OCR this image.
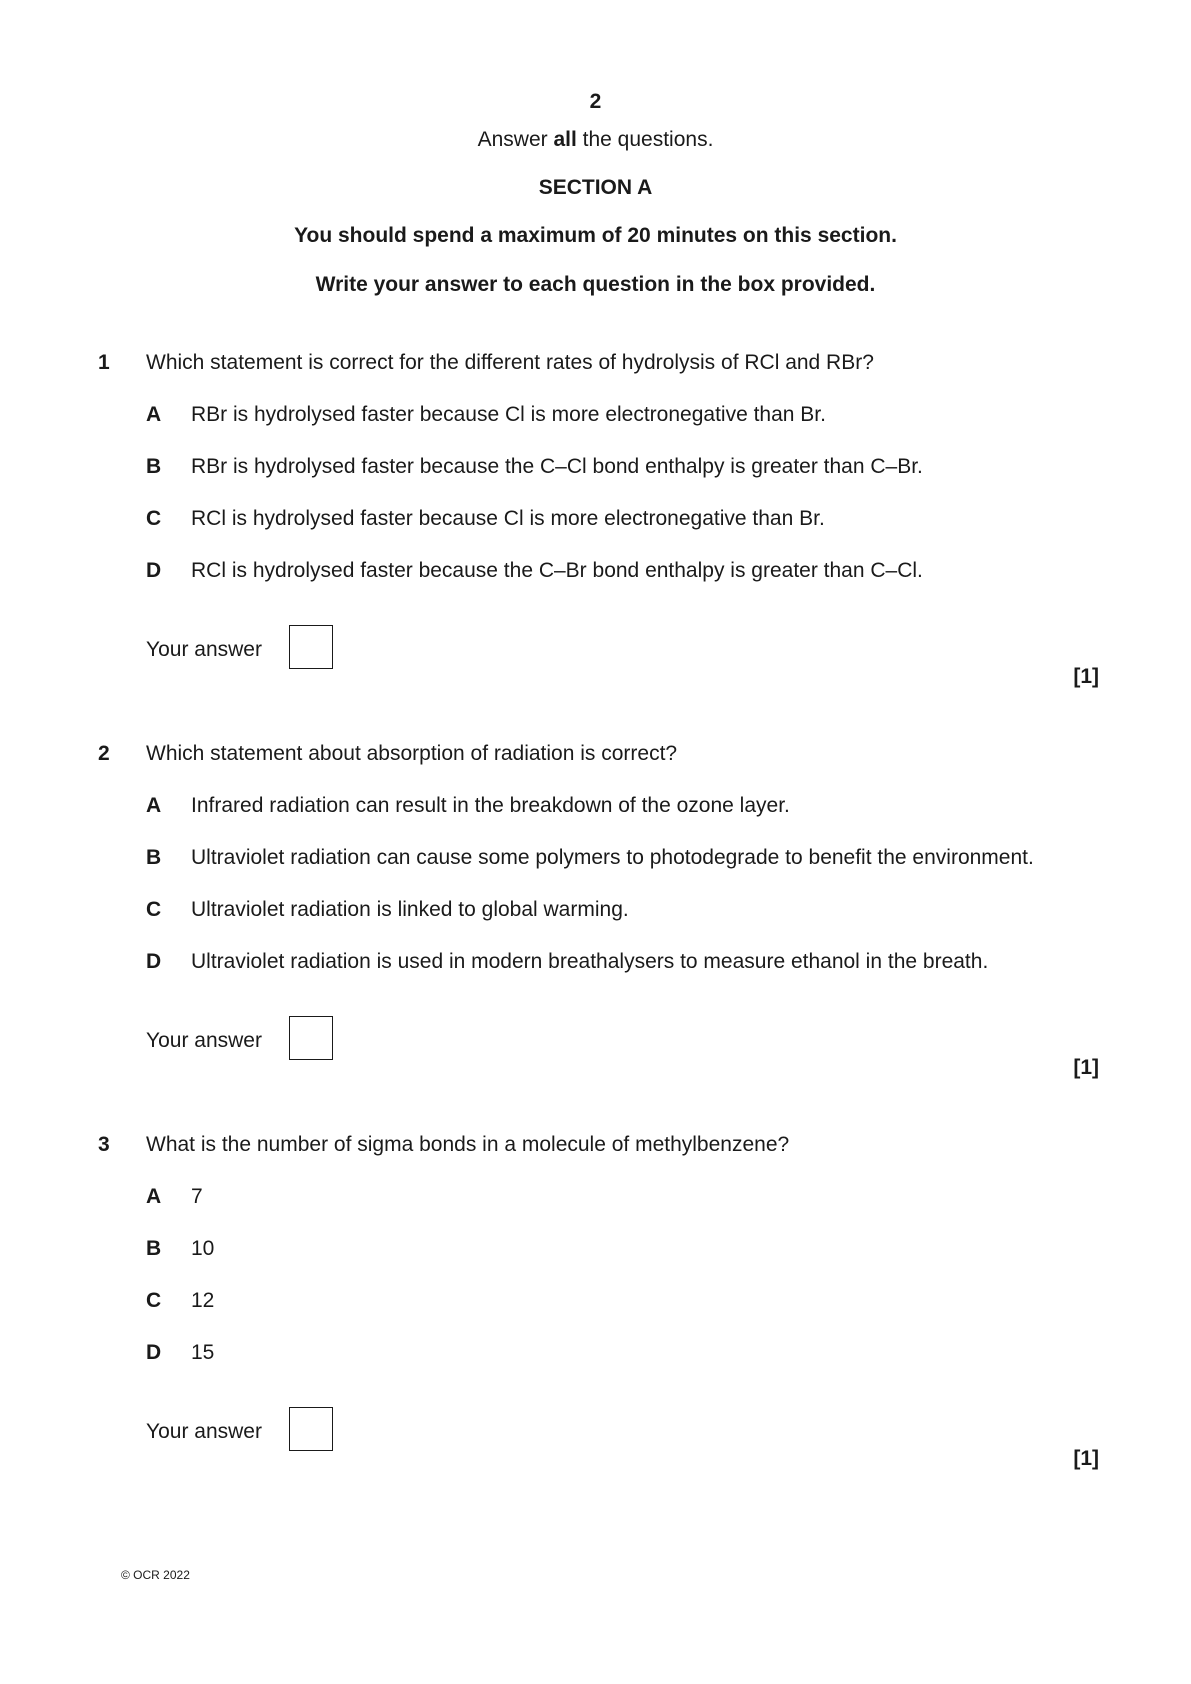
2
Answer all the questions.
SECTION A
You should spend a maximum of 20 minutes on this section.
Write your answer to each question in the box provided.
1 Which statement is correct for the different rates of hydrolysis of RCl and RBr?
A RBr is hydrolysed faster because Cl is more electronegative than Br.
B RBr is hydrolysed faster because the C–Cl bond enthalpy is greater than C–Br.
C RCl is hydrolysed faster because Cl is more electronegative than Br.
D RCl is hydrolysed faster because the C–Br bond enthalpy is greater than C–Cl.
Your answer
[1]
2 Which statement about absorption of radiation is correct?
A Infrared radiation can result in the breakdown of the ozone layer.
B Ultraviolet radiation can cause some polymers to photodegrade to benefit the environment.
C Ultraviolet radiation is linked to global warming.
D Ultraviolet radiation is used in modern breathalysers to measure ethanol in the breath.
Your answer
[1]
3 What is the number of sigma bonds in a molecule of methylbenzene?
A 7
B 10
C 12
D 15
Your answer
[1]
© OCR 2022
